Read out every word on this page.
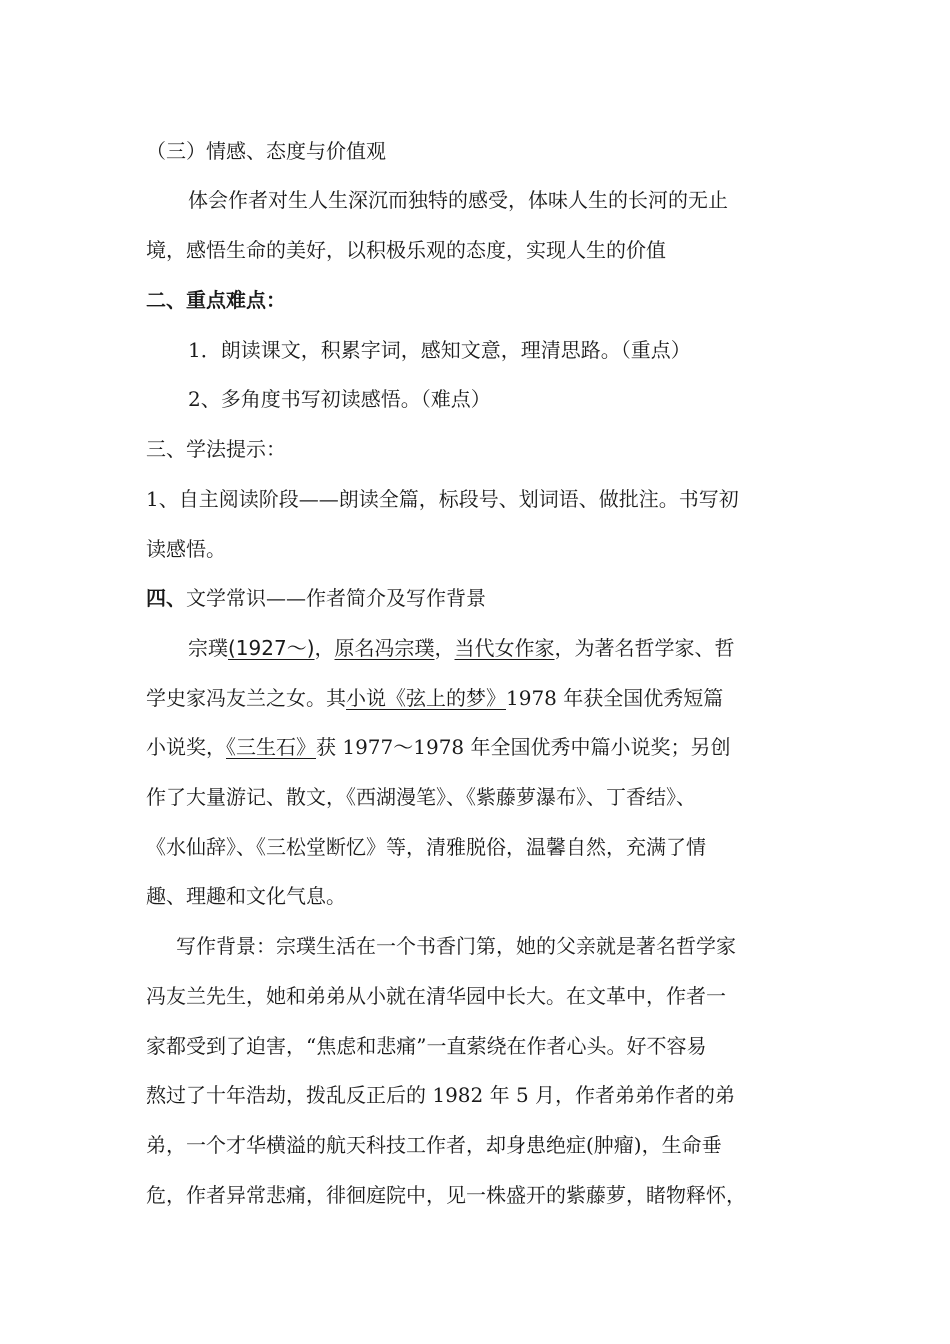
（三）情感、态度与价值观
体会作者对生人生深沉而独特的感受，体味人生的长河的无止
境，感悟生命的美好，以积极乐观的态度，实现人生的价值
二、重点难点：
1．朗读课文，积累字词，感知文意，理清思路。（重点）
2、多角度书写初读感悟。（难点）
三、学法提示：
1、自主阅读阶段——朗读全篇，标段号、划词语、做批注。书写初
读感悟。
四、文学常识——作者简介及写作背景
宗璞(1927～)，原名冯宗璞，当代女作家，为著名哲学家、哲
学史家冯友兰之女。其小说《弦上的梦》1978 年获全国优秀短篇
小说奖，《三生石》获 1977～1978 年全国优秀中篇小说奖；另创
作了大量游记、散文，《西湖漫笔》、《紫藤萝瀑布》、丁香结》、
《水仙辞》、《三松堂断忆》等，清雅脱俗，温馨自然，充满了情
趣、理趣和文化气息。
写作背景：宗璞生活在一个书香门第，她的父亲就是著名哲学家
冯友兰先生，她和弟弟从小就在清华园中长大。在文革中，作者一
家都受到了迫害，“焦虑和悲痛”一直萦绕在作者心头。好不容易
熬过了十年浩劫，拨乱反正后的 1982 年 5 月，作者弟弟作者的弟
弟，一个才华横溢的航天科技工作者，却身患绝症(肿瘤)，生命垂
危，作者异常悲痛，徘徊庭院中，见一株盛开的紫藤萝，睹物释怀，
